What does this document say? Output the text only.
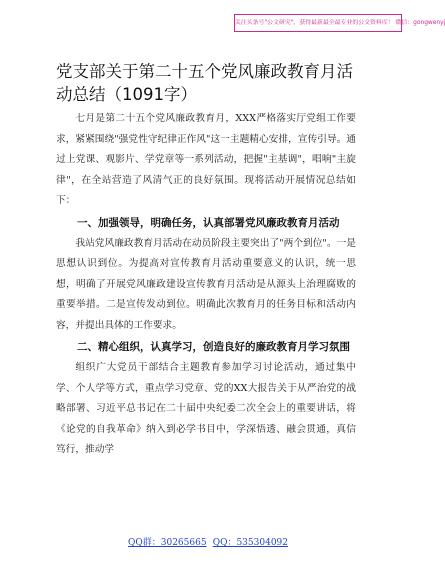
关注头条号"公文研究"，获得最新最全最专业的公文资料库！ 微信：gongwenyj
党支部关于第二十五个党风廉政教育月活动总结（1091字）

七月是第二十五个党风廉政教育月，XXX严格落实厅党组工作要求，紧紧围绕"强党性守纪律正作风"这一主题精心安排，宣传引导。通过上党课、观影片、学党章等一系列活动，把握"主基调"，唱响"主旋律"，在全站营造了风清气正的良好氛围。现将活动开展情况总结如下：

一、加强领导，明确任务，认真部署党风廉政教育月活动

我站党风廉政教育月活动在动员阶段主要突出了"两个到位"。一是思想认识到位。为提高对宣传教育月活动重要意义的认识，统一思想，明确了开展党风廉政建设宣传教育月活动是从源头上治理腐败的重要举措。二是宣传发动到位。明确此次教育月的任务目标和活动内容，并提出具体的工作要求。

二、精心组织，认真学习，创造良好的廉政教育月学习氛围

组织广大党员干部结合主题教育参加学习讨论活动，通过集中学、个人学等方式，重点学习党章、党的XX大报告关于从严治党的战略部署、习近平总书记在二十届中央纪委二次全会上的重要讲话，将《论党的自我革命》纳入到必学书目中，学深悟透、融会贯通，真信笃行，推动学

QQ群：30265665 QQ：535304092
